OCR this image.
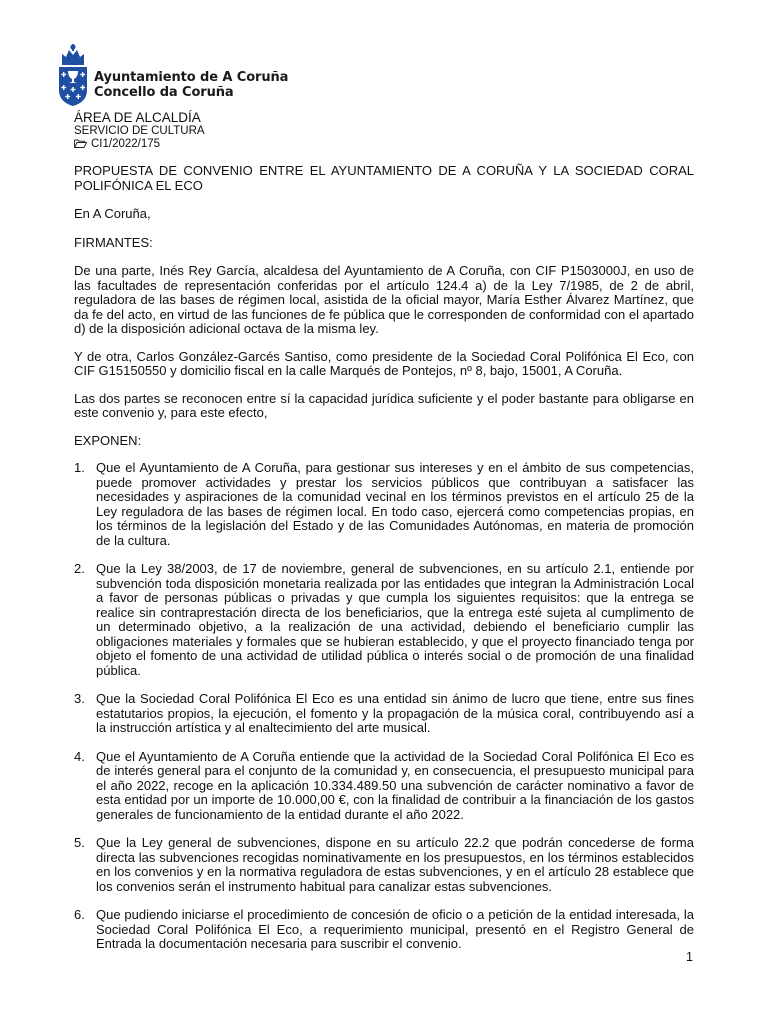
Ayuntamiento de A Coruña
Concello da Coruña
ÁREA DE ALCALDÍA
SERVICIO DE CULTURA
CI1/2022/175

PROPUESTA DE CONVENIO ENTRE EL AYUNTAMIENTO DE A CORUÑA Y LA SOCIEDAD CORAL POLIFÓNICA EL ECO

En A Coruña,

FIRMANTES:

De una parte, Inés Rey García, alcaldesa del Ayuntamiento de A Coruña, con CIF P1503000J, en uso de las facultades de representación conferidas por el artículo 124.4 a) de la Ley 7/1985, de 2 de abril, reguladora de las bases de régimen local, asistida de la oficial mayor, María Esther Álvarez Martínez, que da fe del acto, en virtud de las funciones de fe pública que le corresponden de conformidad con el apartado d) de la disposición adicional octava de la misma ley.

Y de otra, Carlos González-Garcés Santiso, como presidente de la Sociedad Coral Polifónica El Eco, con CIF G15150550 y domicilio fiscal en la calle Marqués de Pontejos, nº 8, bajo, 15001, A Coruña.

Las dos partes se reconocen entre sí la capacidad jurídica suficiente y el poder bastante para obligarse en este convenio y, para este efecto,

EXPONEN:

1. Que el Ayuntamiento de A Coruña, para gestionar sus intereses y en el ámbito de sus competencias, puede promover actividades y prestar los servicios públicos que contribuyan a satisfacer las necesidades y aspiraciones de la comunidad vecinal en los términos previstos en el artículo 25 de la Ley reguladora de las bases de régimen local. En todo caso, ejercerá como competencias propias, en los términos de la legislación del Estado y de las Comunidades Autónomas, en materia de promoción de la cultura.
2. Que la Ley 38/2003, de 17 de noviembre, general de subvenciones, en su artículo 2.1, entiende por subvención toda disposición monetaria realizada por las entidades que integran la Administración Local a favor de personas públicas o privadas y que cumpla los siguientes requisitos: que la entrega se realice sin contraprestación directa de los beneficiarios, que la entrega esté sujeta al cumplimento de un determinado objetivo, a la realización de una actividad, debiendo el beneficiario cumplir las obligaciones materiales y formales que se hubieran establecido, y que el proyecto financiado tenga por objeto el fomento de una actividad de utilidad pública o interés social o de promoción de una finalidad pública.
3. Que la Sociedad Coral Polifónica El Eco es una entidad sin ánimo de lucro que tiene, entre sus fines estatutarios propios, la ejecución, el fomento y la propagación de la música coral, contribuyendo así a la instrucción artística y al enaltecimiento del arte musical.
4. Que el Ayuntamiento de A Coruña entiende que la actividad de la Sociedad Coral Polifónica El Eco es de interés general para el conjunto de la comunidad y, en consecuencia, el presupuesto municipal para el año 2022, recoge en la aplicación 10.334.489.50 una subvención de carácter nominativo a favor de esta entidad por un importe de 10.000,00 €, con la finalidad de contribuir a la financiación de los gastos generales de funcionamiento de la entidad durante el año 2022.
5. Que la Ley general de subvenciones, dispone en su artículo 22.2 que podrán concederse de forma directa las subvenciones recogidas nominativamente en los presupuestos, en los términos establecidos en los convenios y en la normativa reguladora de estas subvenciones, y en el artículo 28 establece que los convenios serán el instrumento habitual para canalizar estas subvenciones.
6. Que pudiendo iniciarse el procedimiento de concesión de oficio o a petición de la entidad interesada, la Sociedad Coral Polifónica El Eco, a requerimiento municipal, presentó en el Registro General de Entrada la documentación necesaria para suscribir el convenio.
1
